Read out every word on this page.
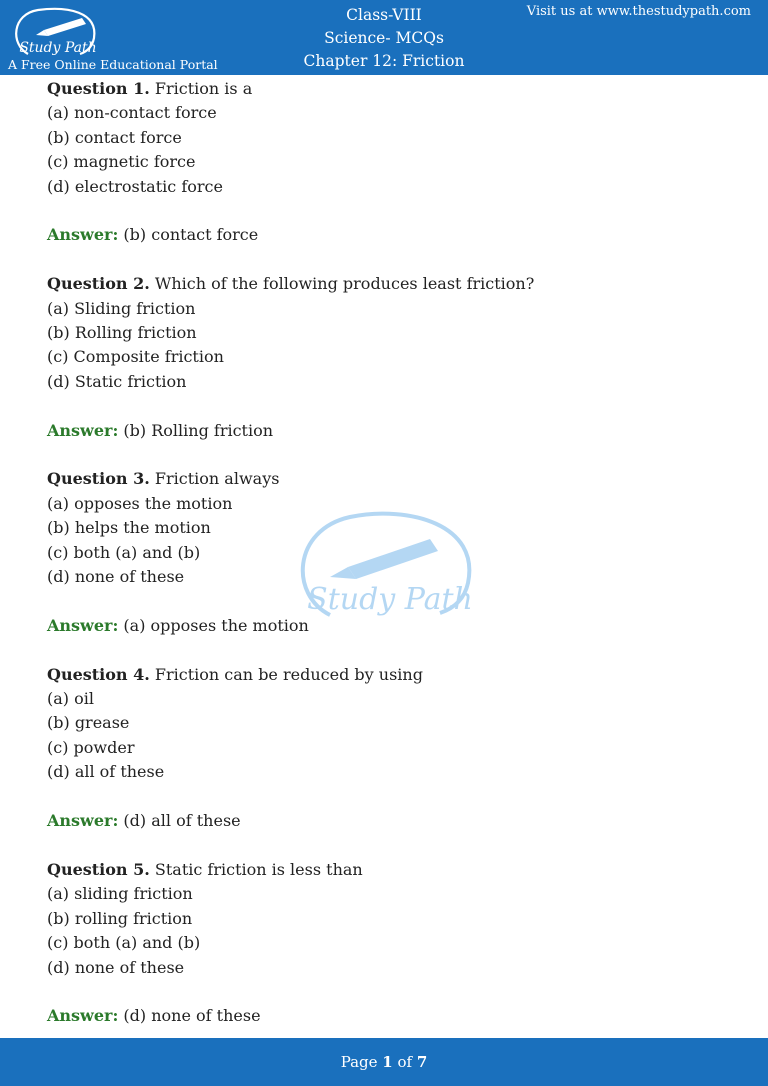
Study Path
A Free Online Educational Portal
Class-VIII
Science- MCQs
Chapter 12: Friction
Visit us at www.thestudypath.com
Study Path
Question 1. Friction is a
(a) non-contact force
(b) contact force
(c) magnetic force
(d) electrostatic force
Answer: (b) contact force
Question 2. Which of the following produces least friction?
(a) Sliding friction
(b) Rolling friction
(c) Composite friction
(d) Static friction
Answer: (b) Rolling friction
Question 3. Friction always
(a) opposes the motion
(b) helps the motion
(c) both (a) and (b)
(d) none of these
Answer: (a) opposes the motion
Question 4. Friction can be reduced by using
(a) oil
(b) grease
(c) powder
(d) all of these
Answer: (d) all of these
Question 5. Static friction is less than
(a) sliding friction
(b) rolling friction
(c) both (a) and (b)
(d) none of these
Answer: (d) none of these
Page 1 of 7
